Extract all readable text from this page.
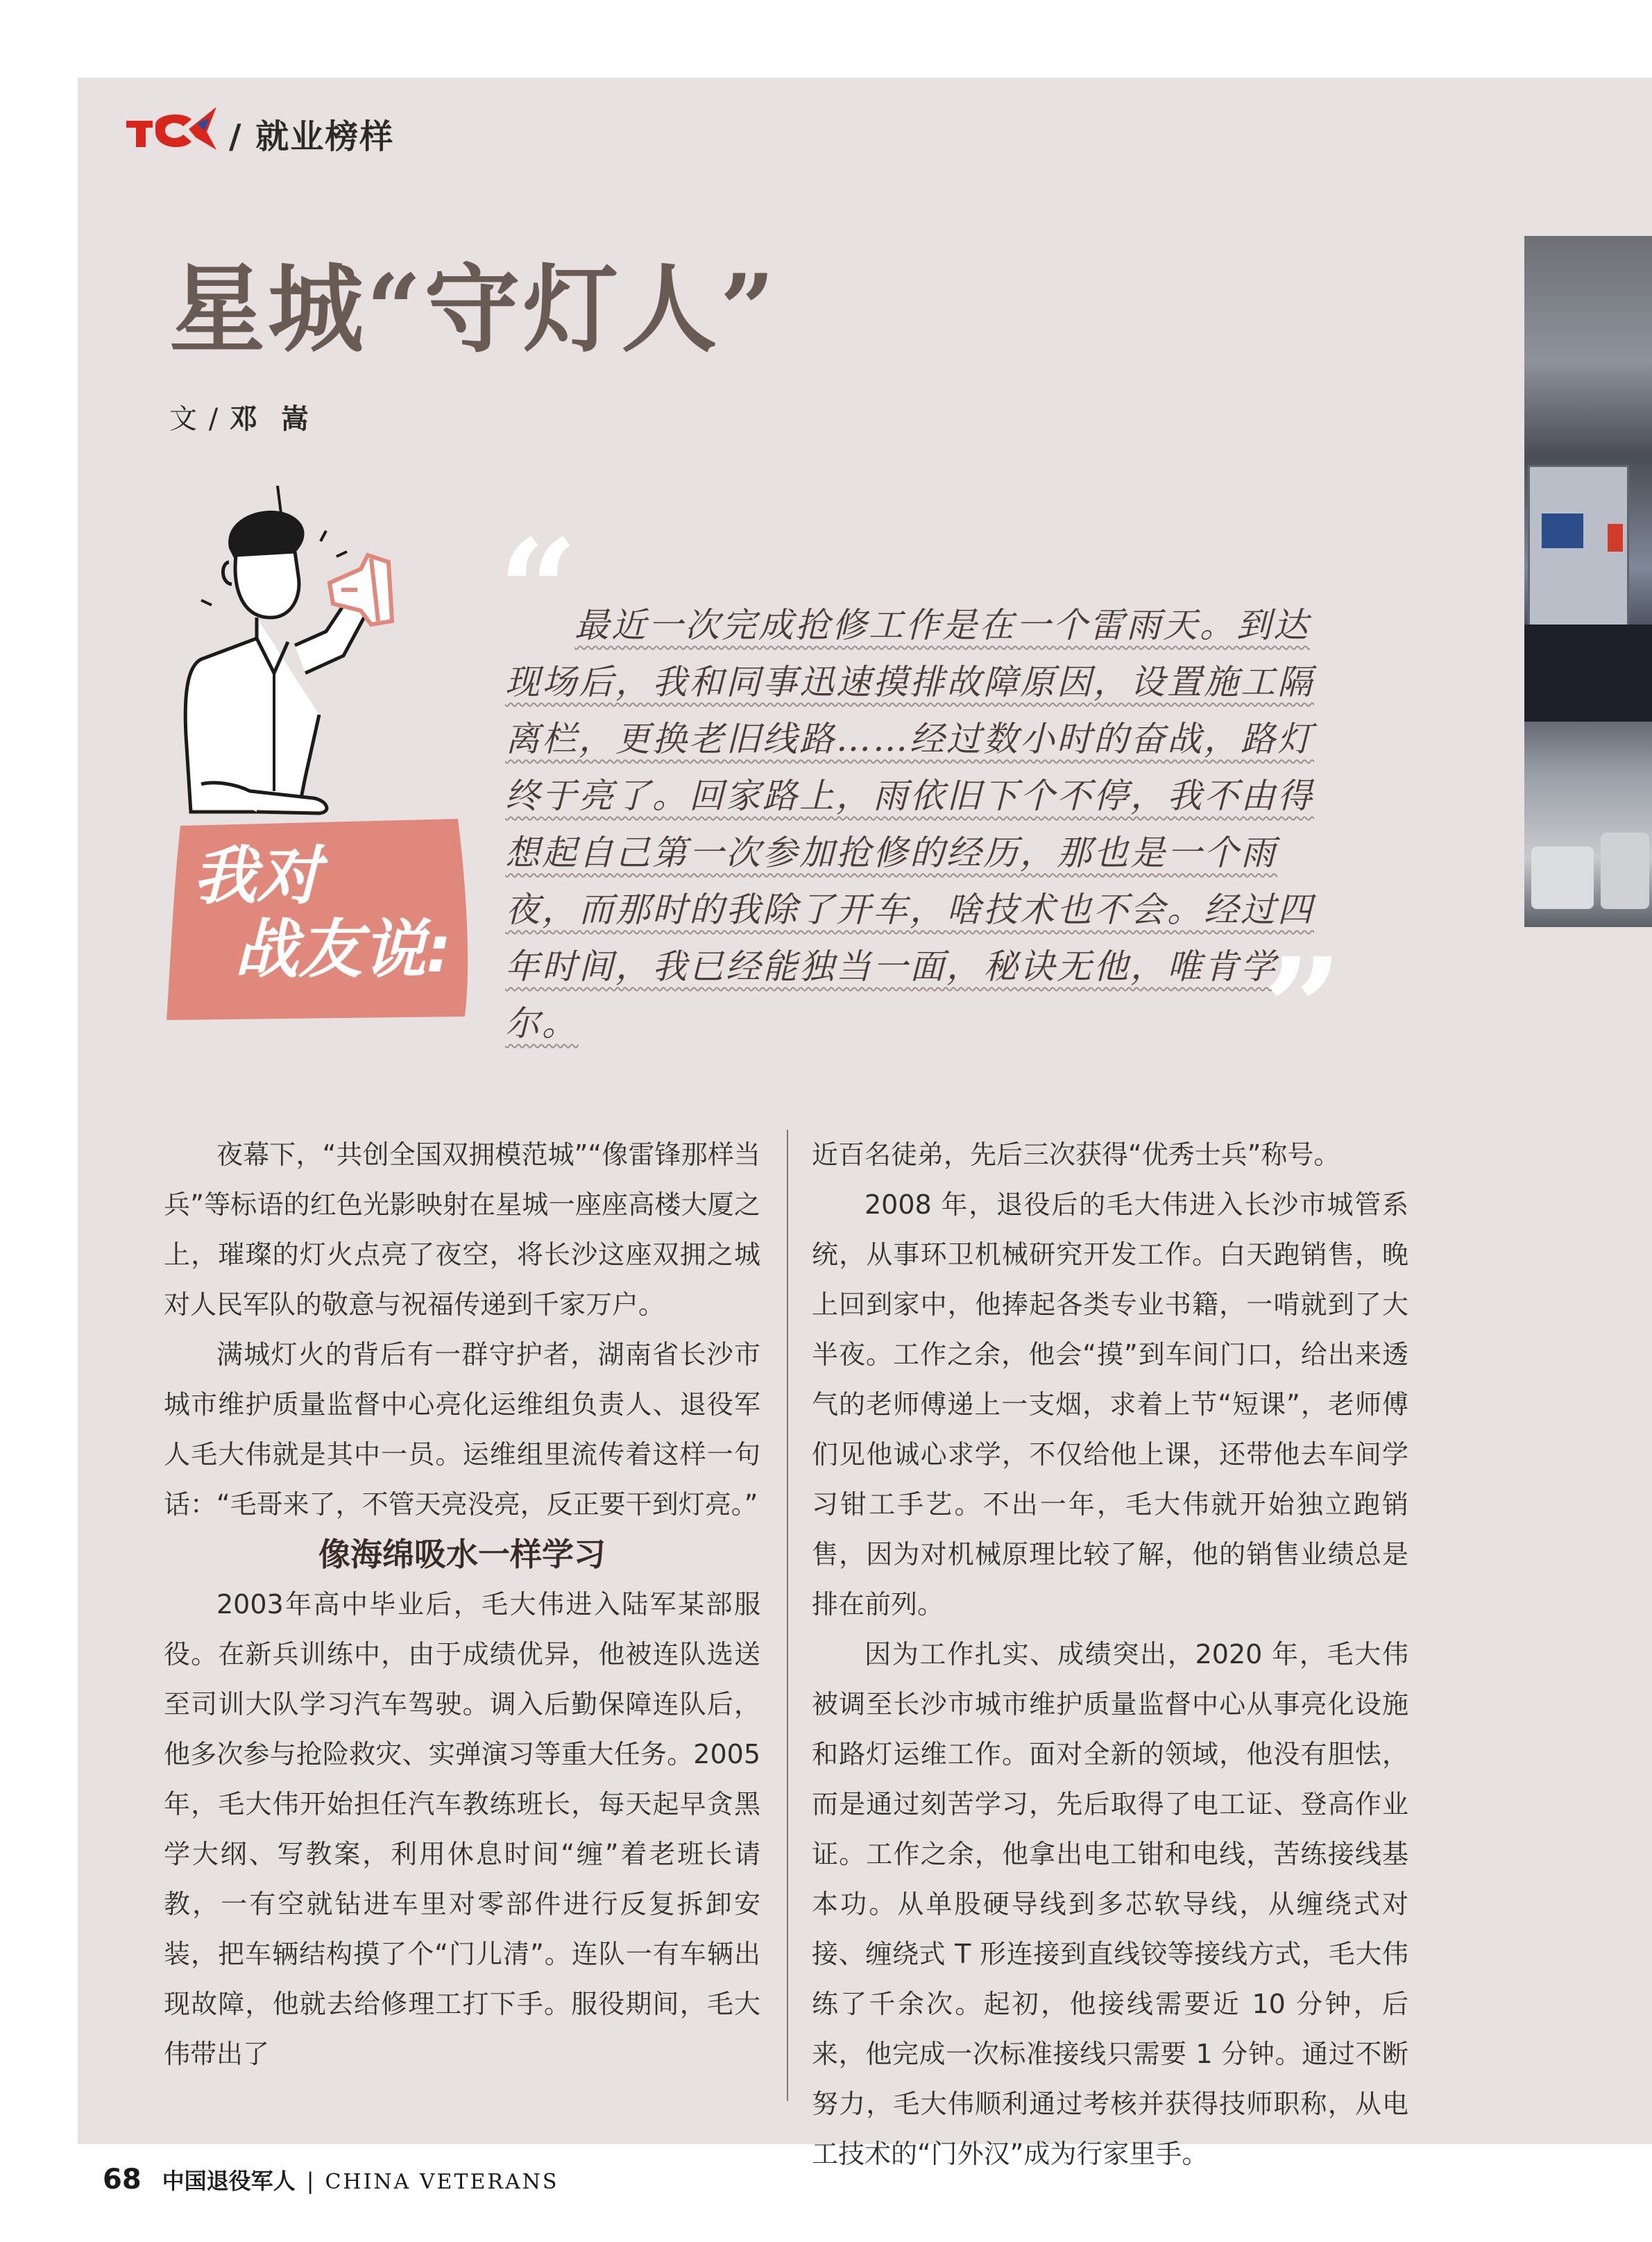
/ 就业榜样
星城“守灯人”
文 / 邓 嵩
我对
战友说:
“
最近一次完成抢修工作是在一个雷雨天。到达现场后，我和同事迅速摸排故障原因，设置施工隔离栏，更换老旧线路……经过数小时的奋战，路灯终于亮了。回家路上，雨依旧下个不停，我不由得想起自己第一次参加抢修的经历，那也是一个雨夜，而那时的我除了开车，啥技术也不会。经过四年时间，我已经能独当一面，秘诀无他，唯肯学尔。	”

夜幕下，“共创全国双拥模范城”“像雷锋那样当兵”等标语的红色光影映射在星城一座座高楼大厦之上，璀璨的灯火点亮了夜空，将长沙这座双拥之城对人民军队的敬意与祝福传递到千家万户。

满城灯火的背后有一群守护者，湖南省长沙市城市维护质量监督中心亮化运维组负责人、退役军人毛大伟就是其中一员。运维组里流传着这样一句话：“毛哥来了，不管天亮没亮，反正要干到灯亮。”

像海绵吸水一样学习

2003年高中毕业后，毛大伟进入陆军某部服役。在新兵训练中，由于成绩优异，他被连队选送至司训大队学习汽车驾驶。调入后勤保障连队后，他多次参与抢险救灾、实弹演习等重大任务。2005 年，毛大伟开始担任汽车教练班长，每天起早贪黑学大纲、写教案，利用休息时间“缠”着老班长请教，一有空就钻进车里对零部件进行反复拆卸安装，把车辆结构摸了个“门儿清”。连队一有车辆出现故障，他就去给修理工打下手。服役期间，毛大伟带出了

近百名徒弟，先后三次获得“优秀士兵”称号。

2008 年，退役后的毛大伟进入长沙市城管系统，从事环卫机械研究开发工作。白天跑销售，晚上回到家中，他捧起各类专业书籍，一啃就到了大半夜。工作之余，他会“摸”到车间门口，给出来透气的老师傅递上一支烟，求着上节“短课”，老师傅们见他诚心求学，不仅给他上课，还带他去车间学习钳工手艺。不出一年，毛大伟就开始独立跑销售，因为对机械原理比较了解，他的销售业绩总是排在前列。

因为工作扎实、成绩突出，2020 年，毛大伟被调至长沙市城市维护质量监督中心从事亮化设施和路灯运维工作。面对全新的领域，他没有胆怯，而是通过刻苦学习，先后取得了电工证、登高作业证。工作之余，他拿出电工钳和电线，苦练接线基本功。从单股硬导线到多芯软导线，从缠绕式对接、缠绕式 T 形连接到直线铰等接线方式，毛大伟练了千余次。起初，他接线需要近 10 分钟，后来，他完成一次标准接线只需要 1 分钟。通过不断努力，毛大伟顺利通过考核并获得技师职称，从电工技术的“门外汉”成为行家里手。

68 中国退役军人 | CHINA VETERANS
